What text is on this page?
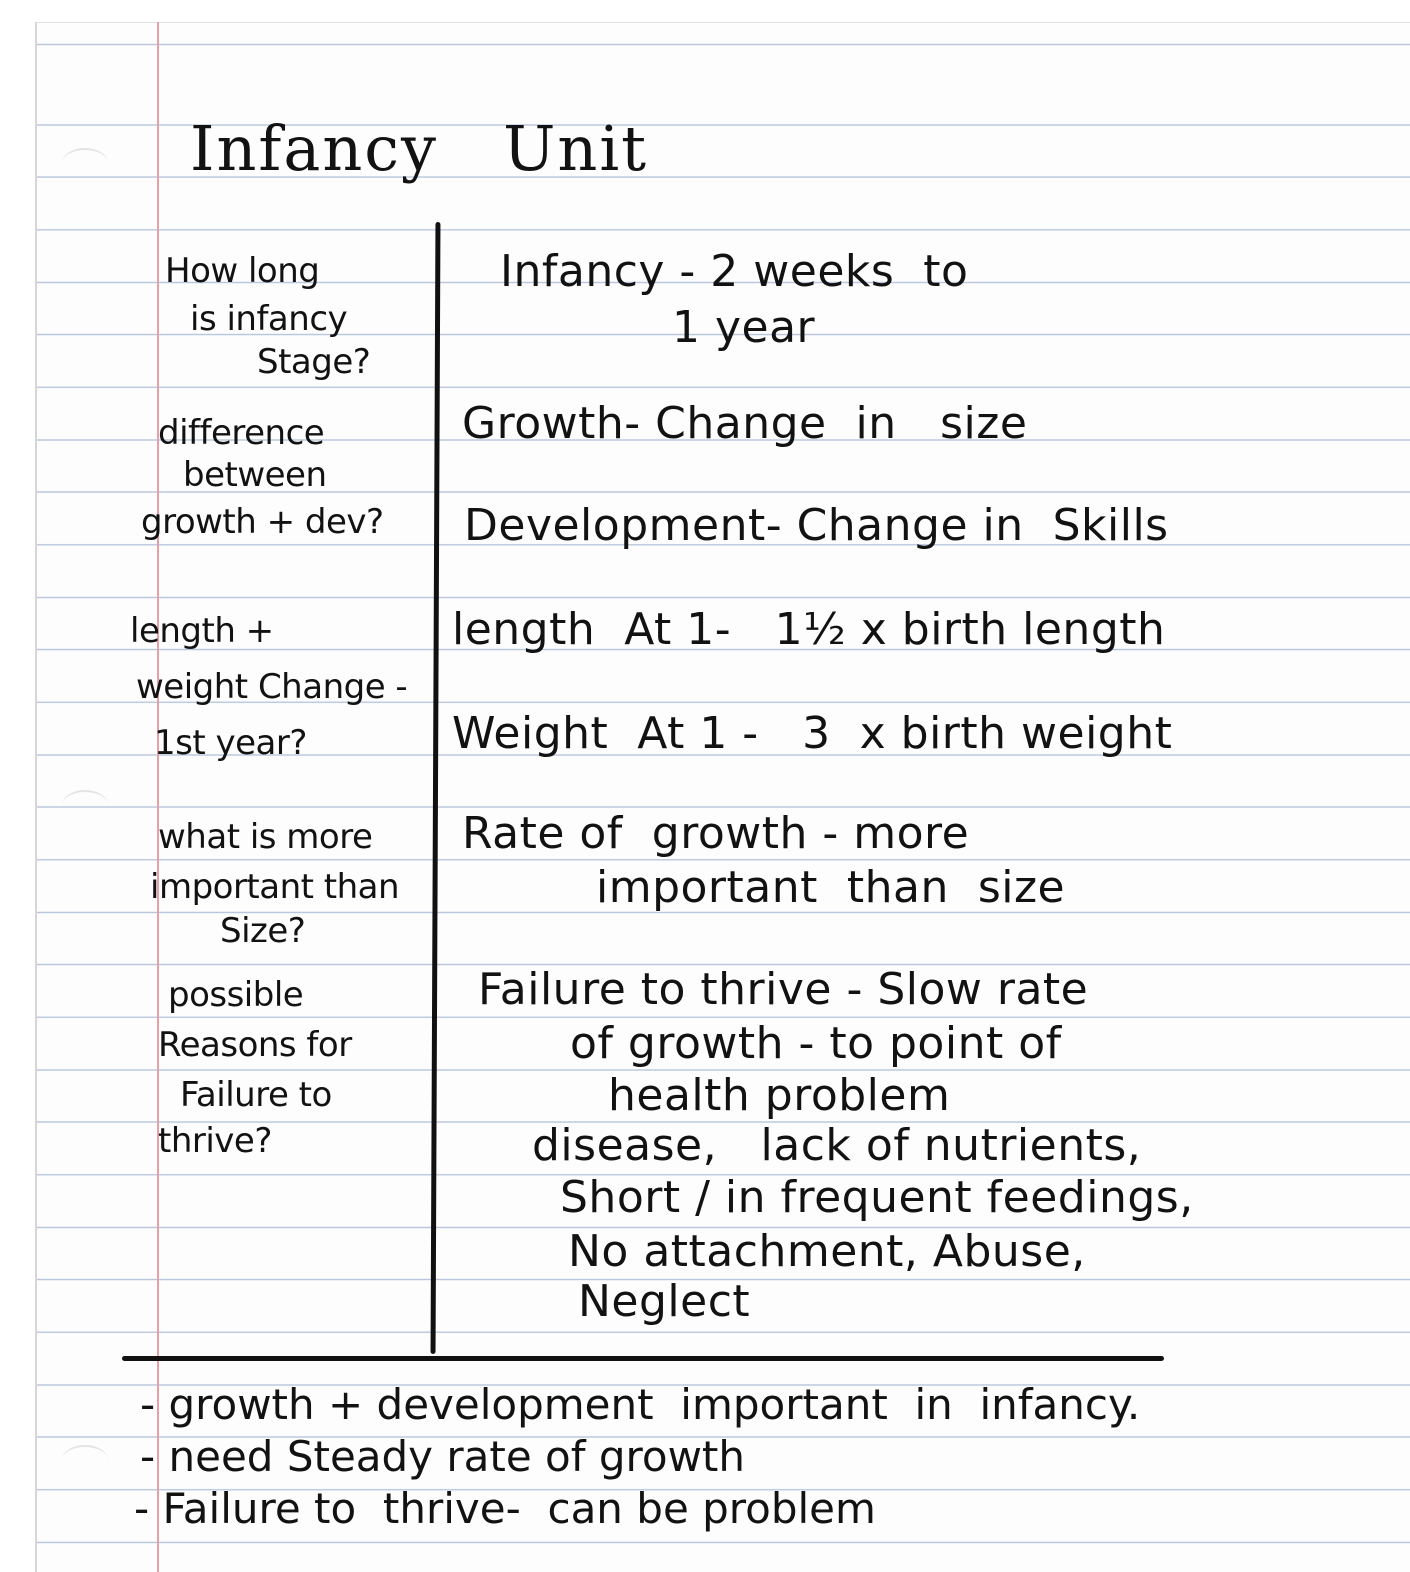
Infancy   Unit
How long
is infancy
Stage?
Infancy - 2 weeks  to
1 year
difference
between
growth + dev?
Growth- Change  in   size
Development- Change in  Skills
length +
weight Change -
1st year?
length  At 1-   1½ x birth length
Weight  At 1 -   3  x birth weight
what is more
important than
Size?
Rate of  growth - more
important  than  size
possible
Reasons for
Failure to
thrive?
Failure to thrive - Slow rate
of growth - to point of
health problem
disease,   lack of nutrients,
Short / in frequent feedings,
No attachment, Abuse,
Neglect
- growth + development  important  in  infancy.
- need Steady rate of growth
- Failure to  thrive-  can be problem
